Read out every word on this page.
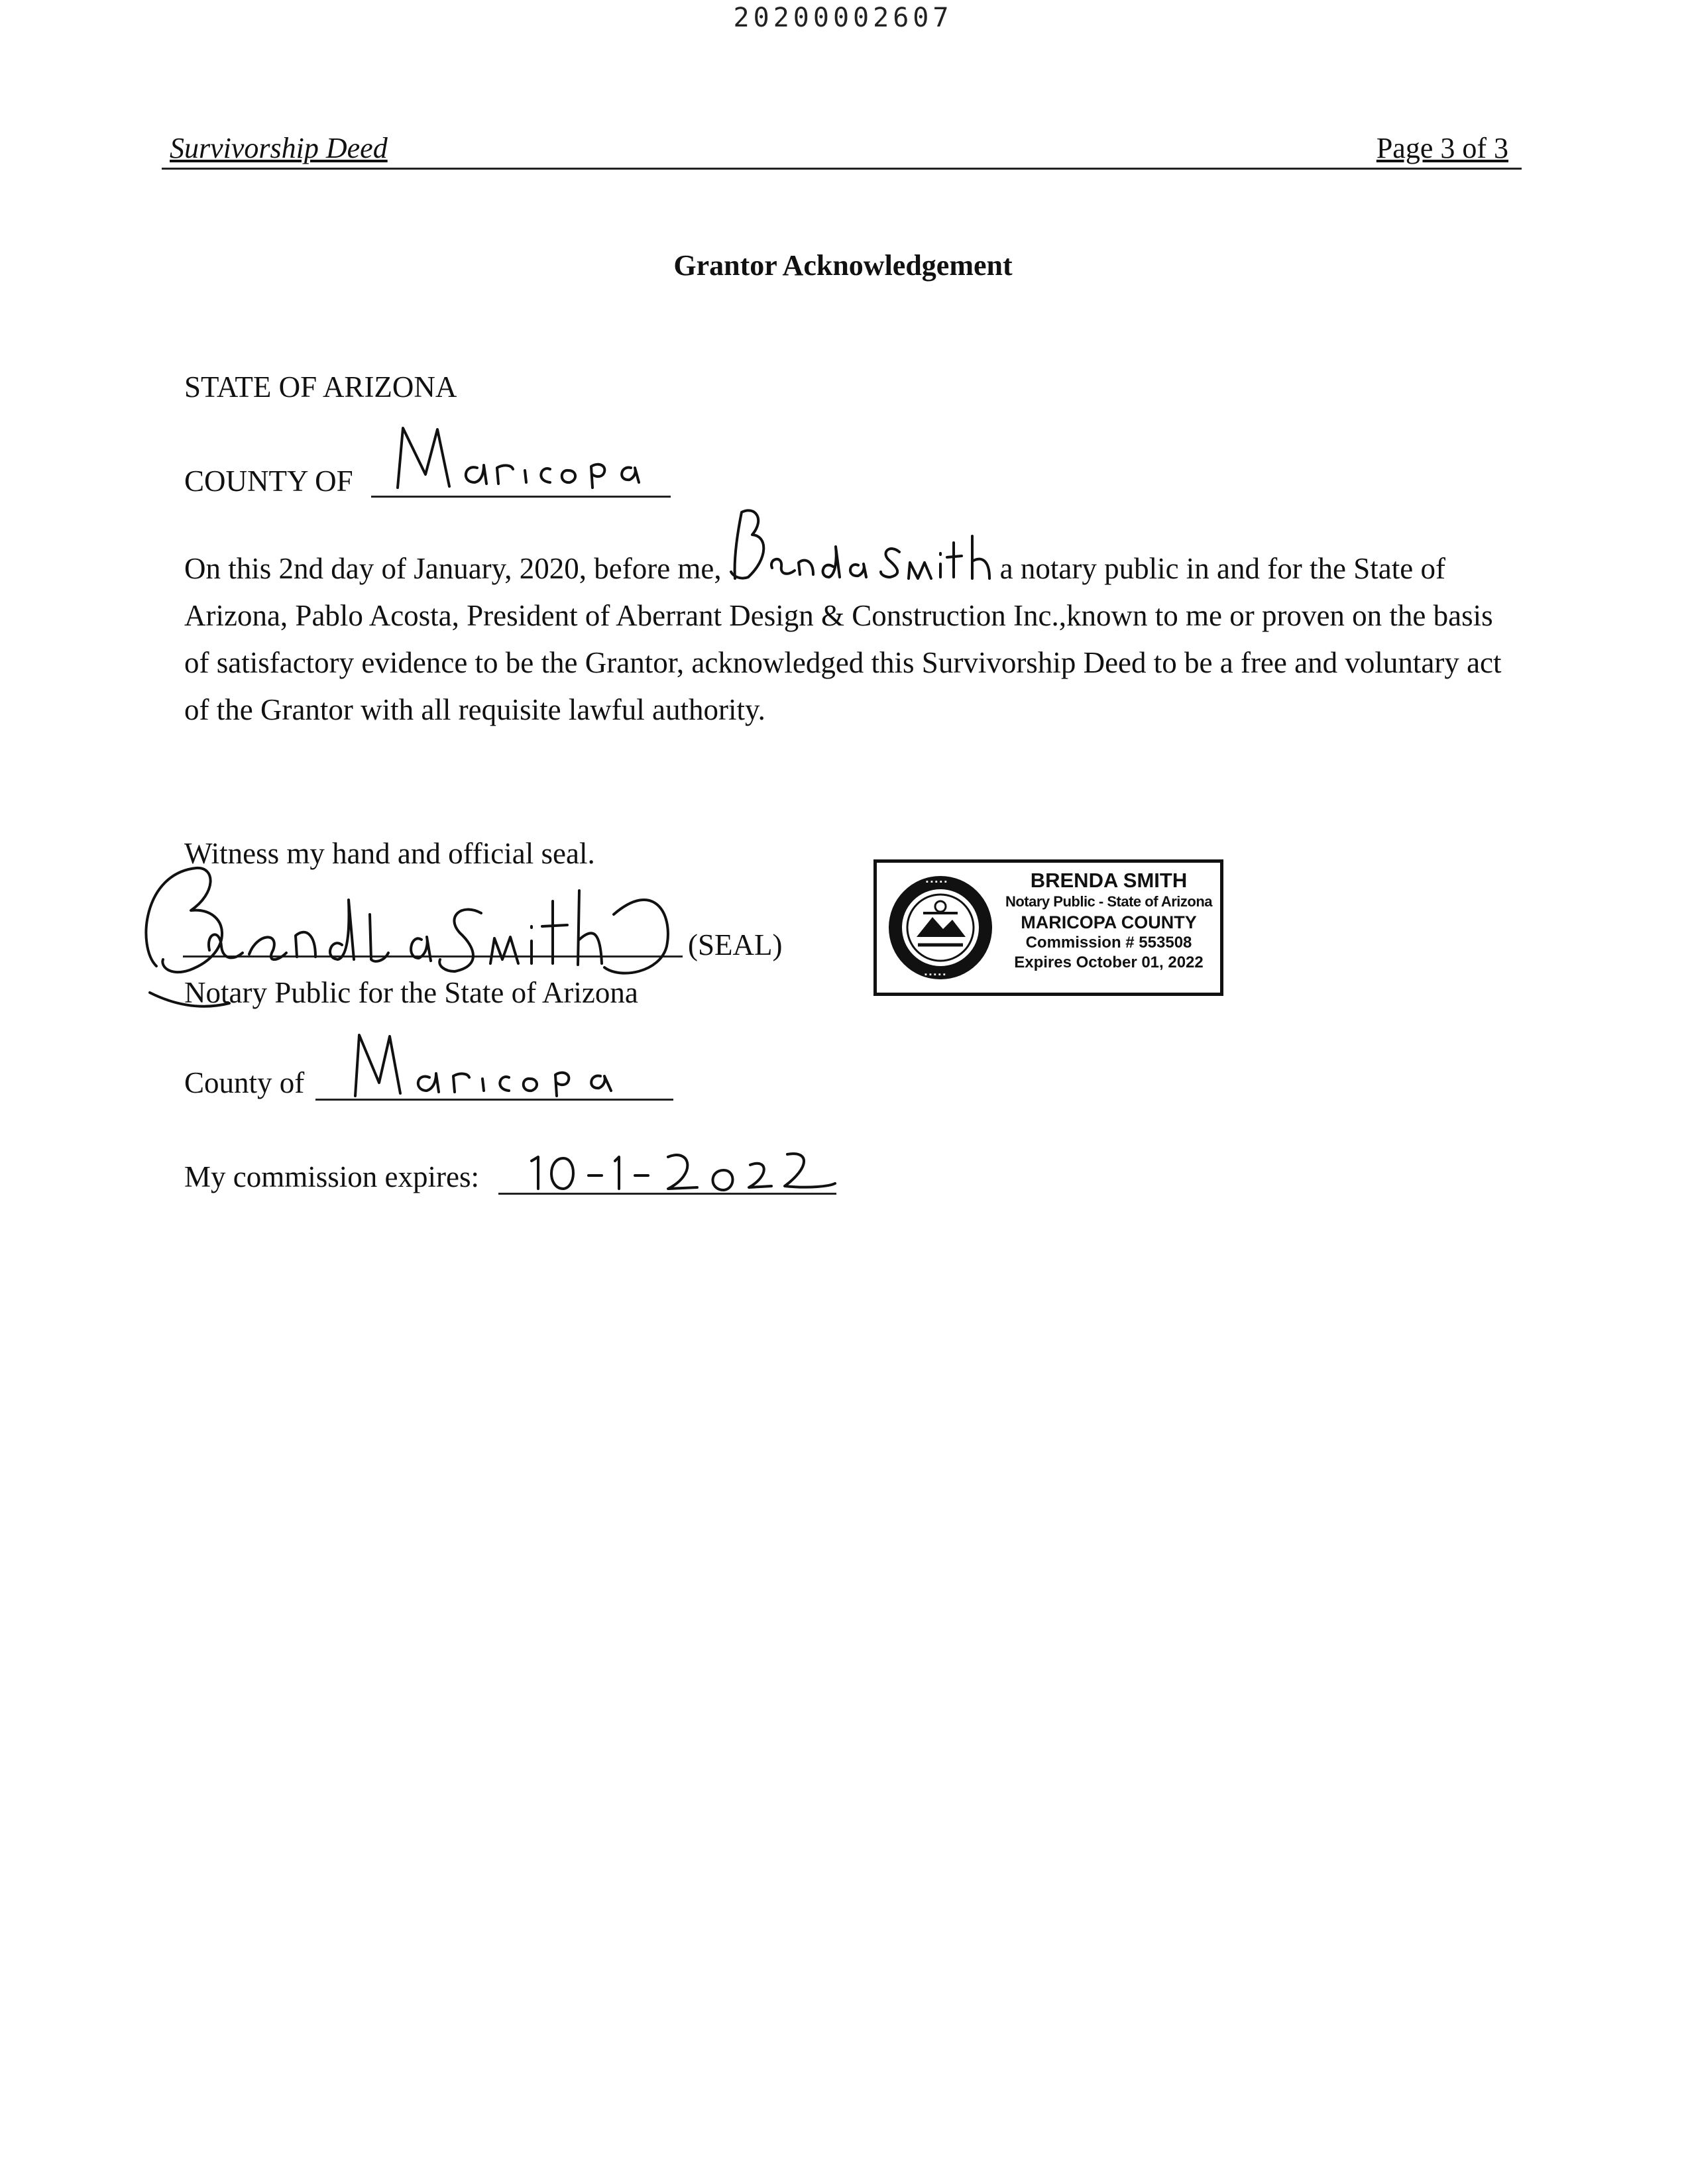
20200002607
Survivorship Deed	Page 3 of 3
Grantor Acknowledgement
STATE OF ARIZONA
COUNTY OF

On this 2nd day of January, 2020, before me,	a notary public in and for the State of Arizona, Pablo Acosta, President of Aberrant Design & Construction Inc.,known to me or proven on the basis of satisfactory evidence to be the Grantor, acknowledged this Survivorship Deed to be a free and voluntary act of the Grantor with all requisite lawful authority.

Witness my hand and official seal.
(SEAL)
Notary Public for the State of Arizona
County of
My commission expires:
▪ ▪ ▪ ▪ ▪
▪ ▪ ▪ ▪ ▪
BRENDA SMITH
Notary Public - State of Arizona
MARICOPA COUNTY
Commission # 553508
Expires October 01, 2022
